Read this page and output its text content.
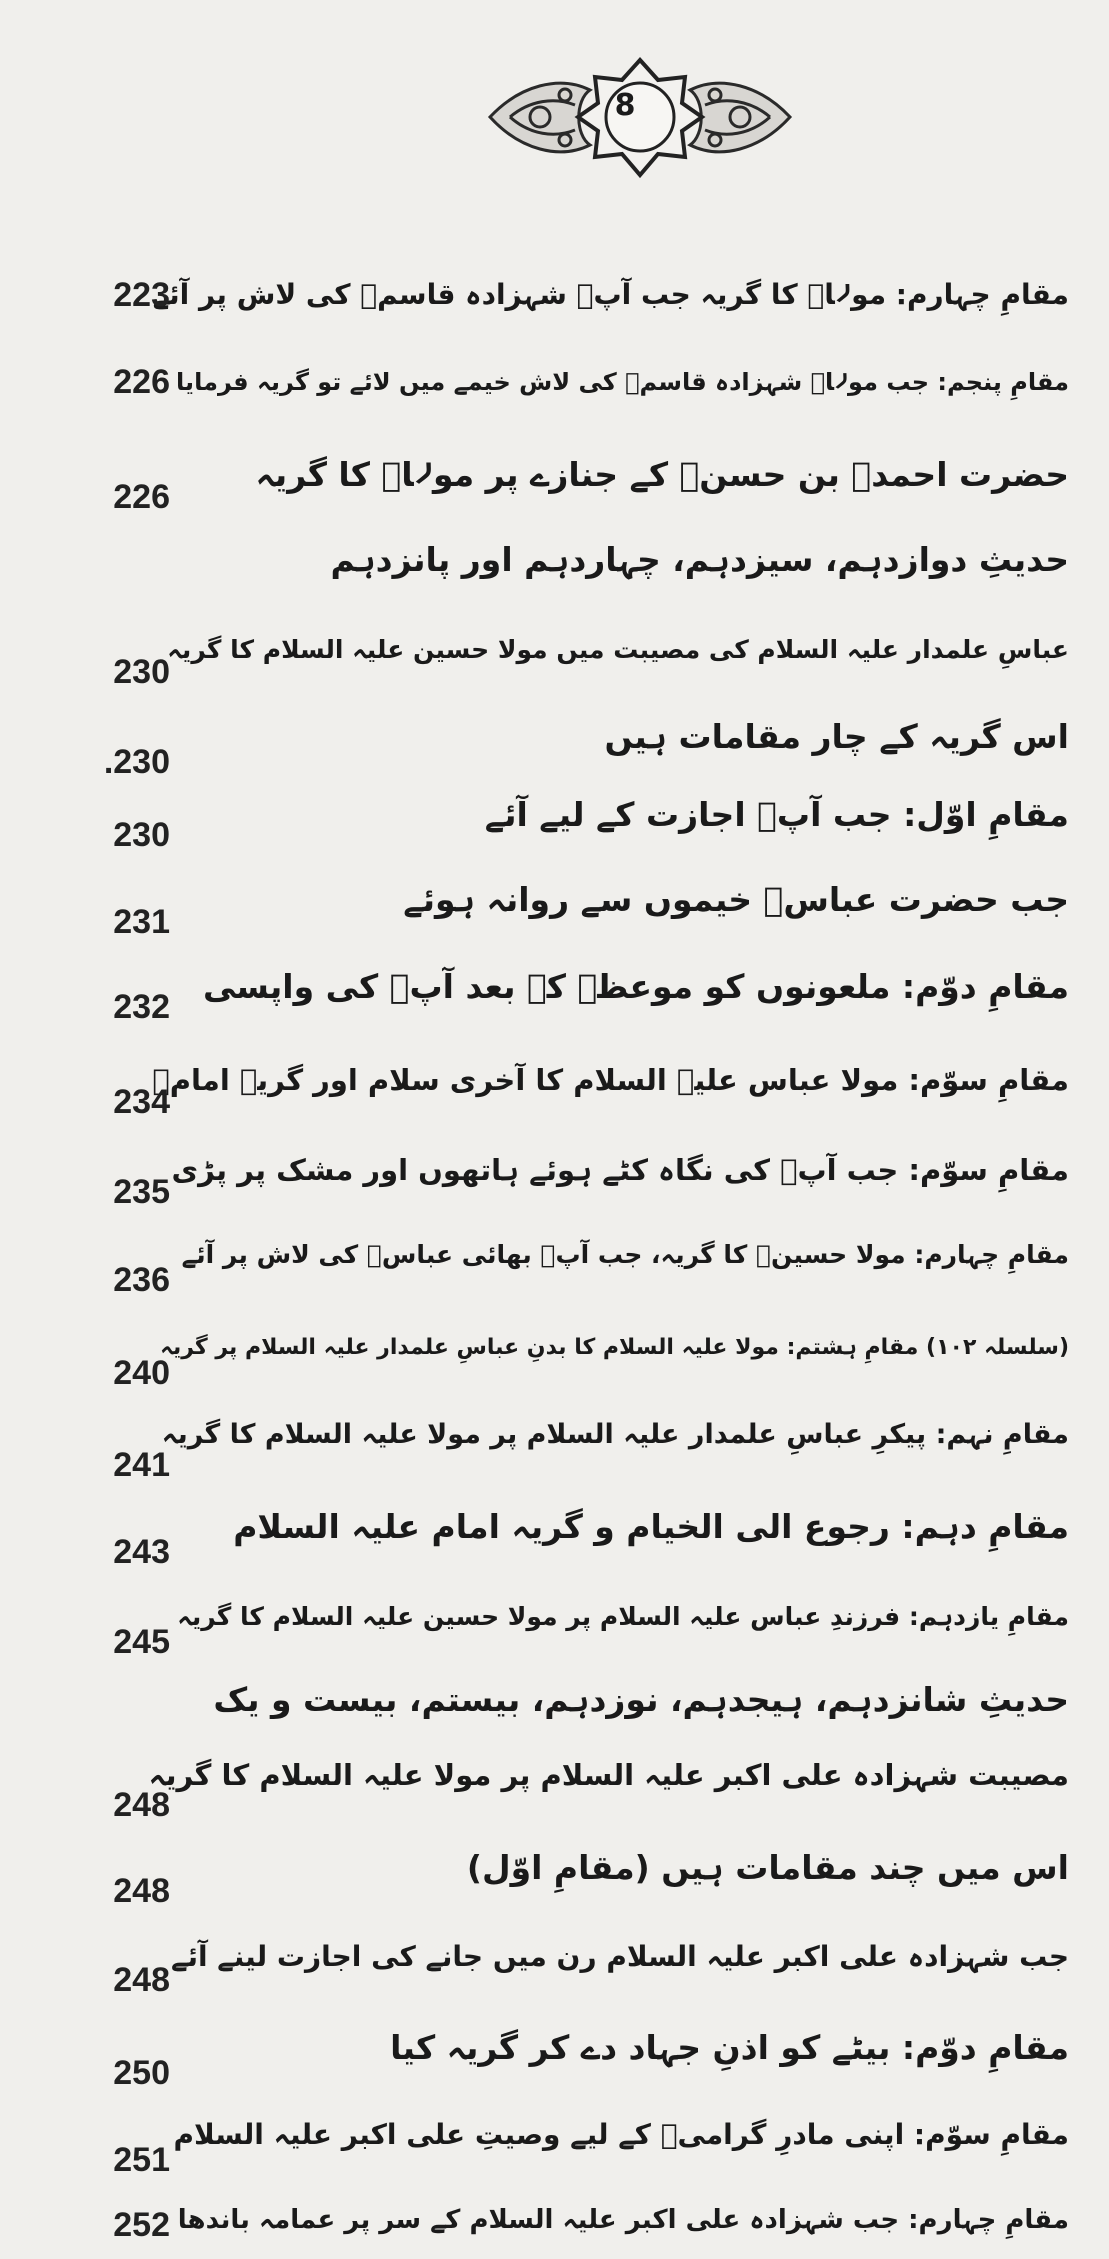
8
مقامِ چہارم: مولاؑ کا گریہ جب آپؑ شہزادہ قاسمؑ کی لاش پر آئے
223
مقامِ پنجم: جب مولاؑ شہزادہ قاسمؑ کی لاش خیمے میں لائے تو گریہ فرمایا
226
حضرت احمدؑ بن حسنؑ کے جنازے پر مولاؑ کا گریہ
226
حدیثِ دوازدہم، سیزدہم، چہاردہم اور پانزدہم
عباسِ علمدار علیہ السلام کی مصیبت میں مولا حسین علیہ السلام کا گریہ
230
اس گریہ کے چار مقامات ہیں
.230
مقامِ اوّل: جب آپؑ اجازت کے لیے آئے
230
جب حضرت عباسؑ خیموں سے روانہ ہوئے
231
مقامِ دوّم: ملعونوں کو موعظہ کے بعد آپؑ کی واپسی
232
مقامِ سوّم: مولا عباس علیہ السلام کا آخری سلام اور گریۂ امامؑ
234
مقامِ سوّم: جب آپؑ کی نگاہ کٹے ہوئے ہاتھوں اور مشک پر پڑی
235
مقامِ چہارم: مولا حسینؑ کا گریہ، جب آپؑ بھائی عباسؑ کی لاش پر آئے
236
(سلسلہ ۱۰۲) مقامِ ہشتم: مولا علیہ السلام کا بدنِ عباسِ علمدار علیہ السلام پر گریہ
240
مقامِ نہم: پیکرِ عباسِ علمدار علیہ السلام پر مولا علیہ السلام کا گریہ
241
مقامِ دہم: رجوع الی الخیام و گریہ امام علیہ السلام
243
مقامِ یازدہم: فرزندِ عباس علیہ السلام پر مولا حسین علیہ السلام کا گریہ
245
حدیثِ شانزدہم، ہیجدہم، نوزدہم، بیستم، بیست و یک
مصیبت شہزادہ علی اکبر علیہ السلام پر مولا علیہ السلام کا گریہ
248
اس میں چند مقامات ہیں (مقامِ اوّل)
248
جب شہزادہ علی اکبر علیہ السلام رن میں جانے کی اجازت لینے آئے
248
مقامِ دوّم: بیٹے کو اذنِ جہاد دے کر گریہ کیا
250
مقامِ سوّم: اپنی مادرِ گرامیؑ کے لیے وصیتِ علی اکبر علیہ السلام
251
مقامِ چہارم: جب شہزادہ علی اکبر علیہ السلام کے سر پر عمامہ باندھا
252
